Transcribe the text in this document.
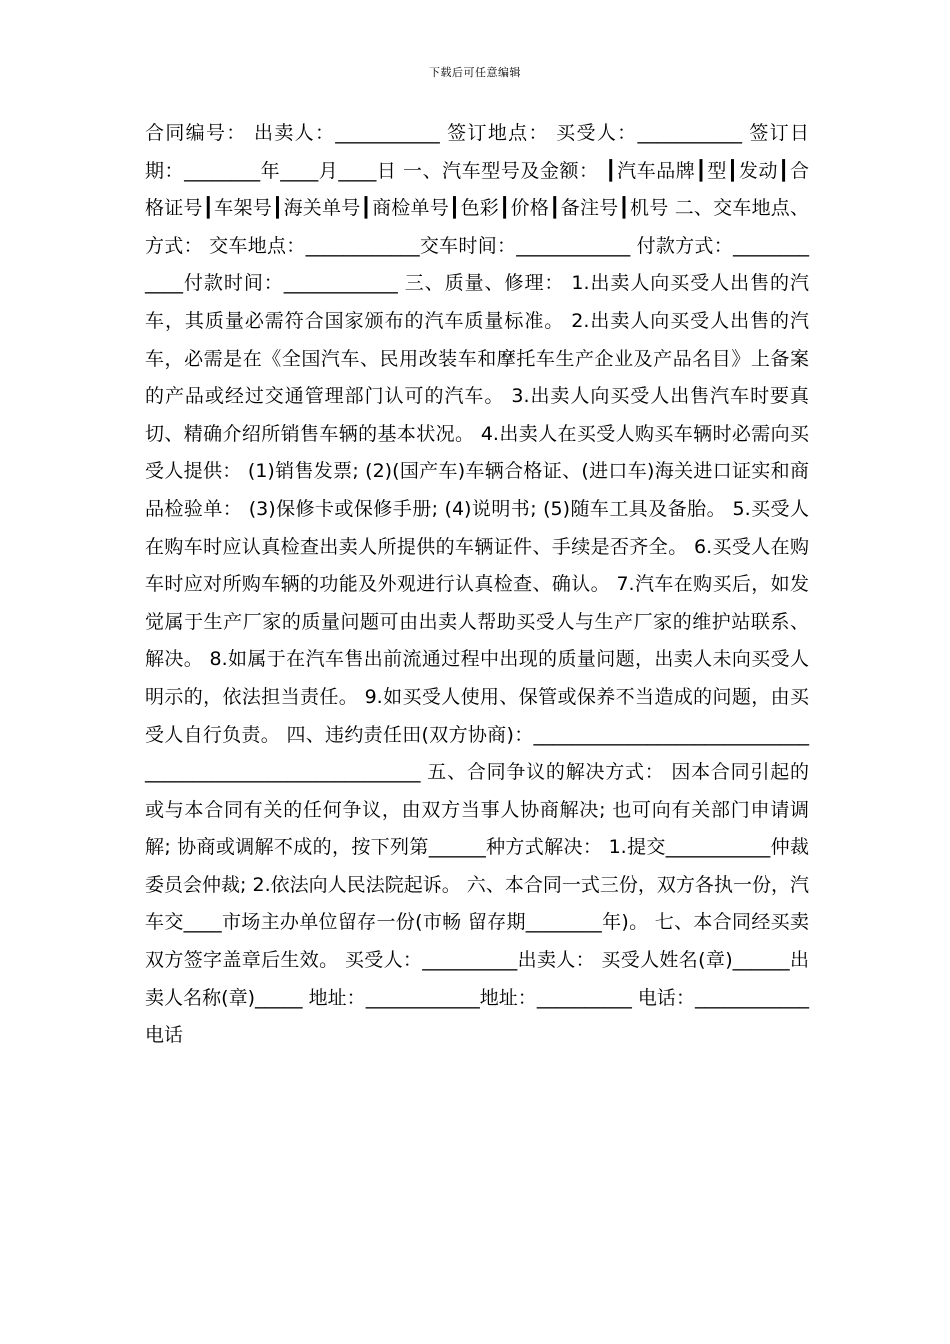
下载后可任意编辑

合同编号： 出卖人：___________ 签订地点： 买受人：___________ 签订日期：________年____月____日 一、汽车型号及金额： ┃汽车品牌┃型┃发动┃合格证号┃车架号┃海关单号┃商检单号┃色彩┃价格┃备注号┃机号 二、交车地点、方式： 交车地点：____________交车时间：____________ 付款方式：____________付款时间：____________ 三、质量、修理： 1.出卖人向买受人出售的汽车，其质量必需符合国家颁布的汽车质量标准。 2.出卖人向买受人出售的汽车，必需是在《全国汽车、民用改装车和摩托车生产企业及产品名目》上备案的产品或经过交通管理部门认可的汽车。 3.出卖人向买受人出售汽车时要真切、精确介绍所销售车辆的基本状况。 4.出卖人在买受人购买车辆时必需向买受人提供： (1)销售发票; (2)(国产车)车辆合格证、(进口车)海关进口证实和商品检验单： (3)保修卡或保修手册; (4)说明书; (5)随车工具及备胎。 5.买受人在购车时应认真检查出卖人所提供的车辆证件、手续是否齐全。 6.买受人在购车时应对所购车辆的功能及外观进行认真检查、确认。 7.汽车在购买后，如发觉属于生产厂家的质量问题可由出卖人帮助买受人与生产厂家的维护站联系、解决。 8.如属于在汽车售出前流通过程中出现的质量问题，出卖人未向买受人明示的，依法担当责任。 9.如买受人使用、保管或保养不当造成的问题，由买受人自行负责。 四、违约责任田(双方协商)：__________________________________________________________ 五、合同争议的解决方式： 因本合同引起的或与本合同有关的任何争议，由双方当事人协商解决; 也可向有关部门申请调解; 协商或调解不成的，按下列第______种方式解决： 1.提交___________仲裁委员会仲裁; 2.依法向人民法院起诉。 六、本合同一式三份，双方各执一份，汽车交____市场主办单位留存一份(市畅 留存期________年)。 七、本合同经买卖双方签字盖章后生效。 买受人：__________出卖人： 买受人姓名(章)______出卖人名称(章)_____ 地址：____________地址：__________ 电话：____________电话
